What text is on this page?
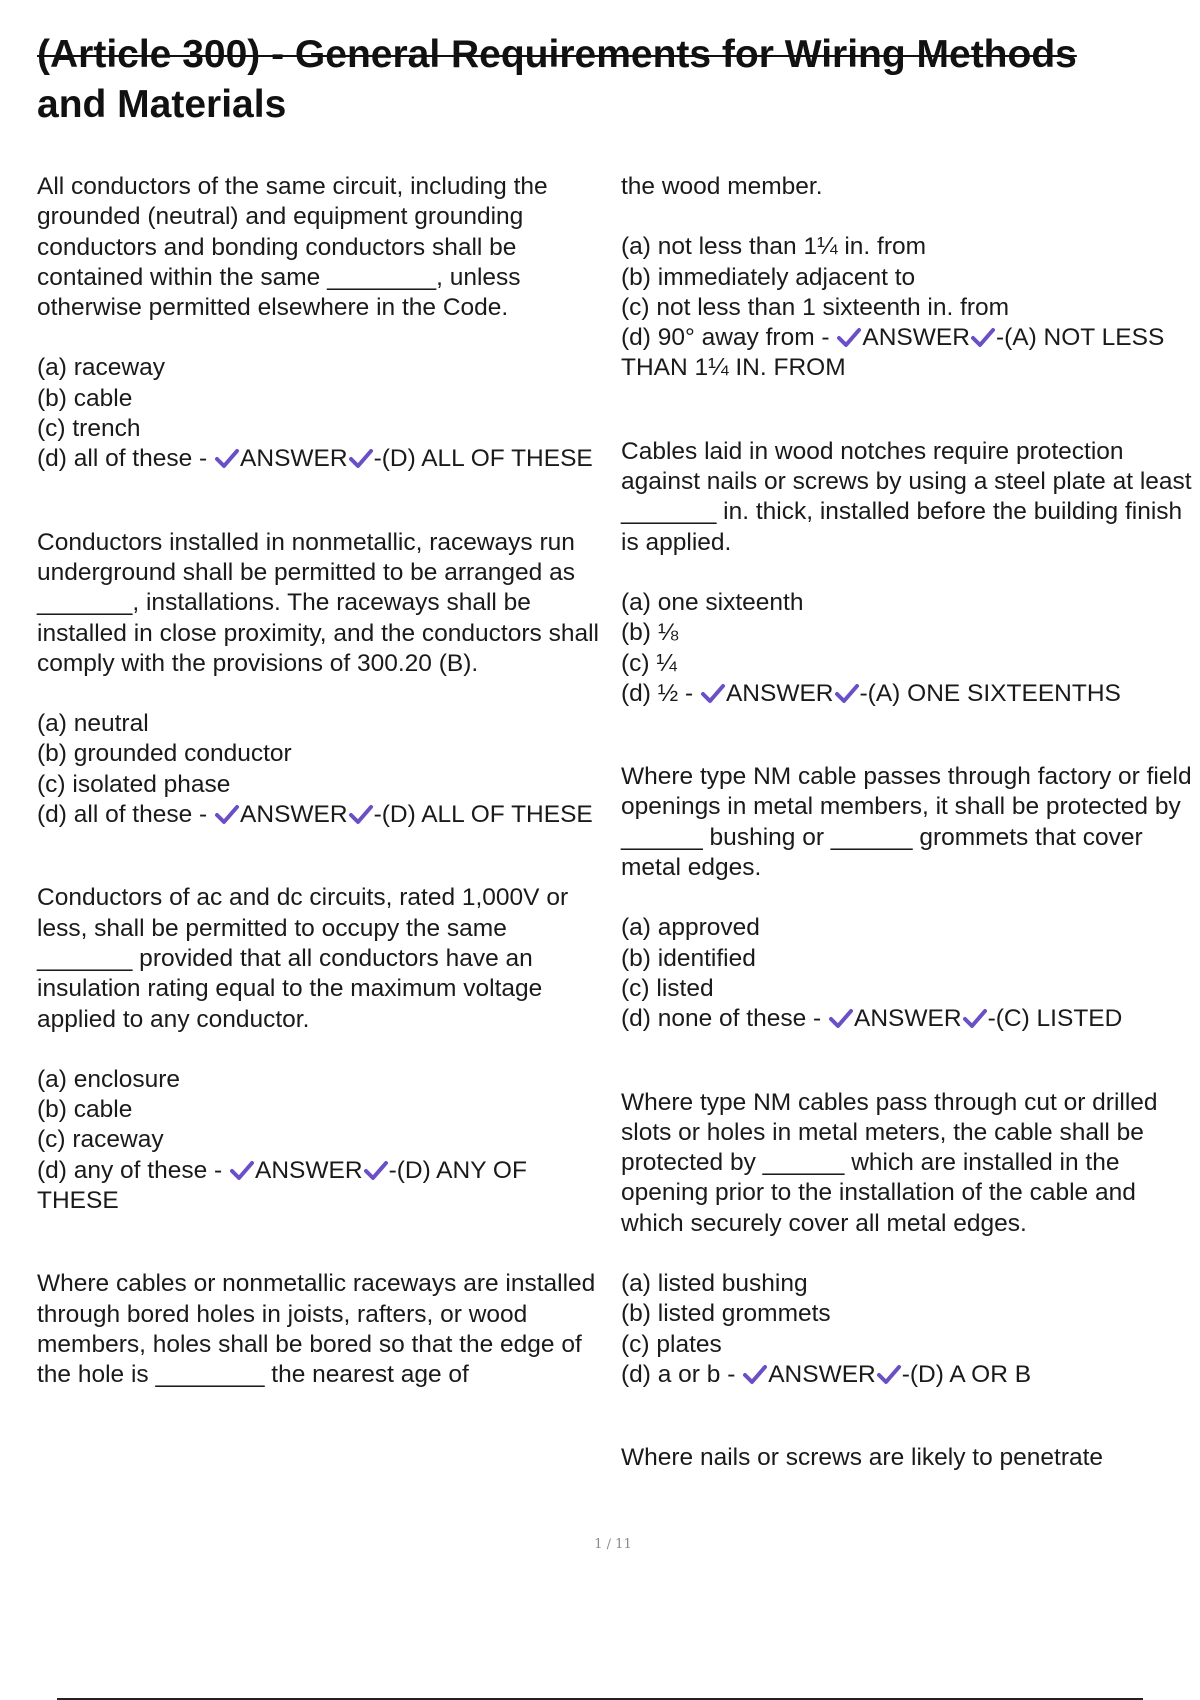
(Article 300) - General Requirements for Wiring Methods
and Materials

All conductors of the same circuit, including the grounded (neutral) and equipment grounding conductors and bonding conductors shall be contained within the same ________, unless otherwise permitted elsewhere in the Code.

(a) raceway

(b) cable

(c) trench

(d) all of these - ANSWER -(D) ALL OF THESE

Conductors installed in nonmetallic, raceways run underground shall be permitted to be arranged as _______, installations. The raceways shall be installed in close proximity, and the conductors shall comply with the provisions of 300.20 (B).

(a) neutral

(b) grounded conductor

(c) isolated phase

(d) all of these - ANSWER -(D) ALL OF THESE

Conductors of ac and dc circuits, rated 1,000V or less, shall be permitted to occupy the same _______ provided that all conductors have an insulation rating equal to the maximum voltage applied to any conductor.

(a) enclosure

(b) cable

(c) raceway

(d) any of these - ANSWER -(D) ANY OF THESE

Where cables or nonmetallic raceways are installed through bored holes in joists, rafters, or wood members, holes shall be bored so that the edge of the hole is ________ the nearest age of

the wood member.

(a) not less than 1¼ in. from

(b) immediately adjacent to

(c) not less than 1 sixteenth in. from

(d) 90° away from - ANSWER -(A) NOT LESS THAN 1¼ IN. FROM

Cables laid in wood notches require protection against nails or screws by using a steel plate at least _______ in. thick, installed before the building finish is applied.

(a) one sixteenth

(b) ⅛

(c) ¼

(d) ½ - ANSWER -(A) ONE SIXTEENTHS

Where type NM cable passes through factory or field openings in metal members, it shall be protected by ______ bushing or ______ grommets that cover metal edges.

(a) approved

(b) identified

(c) listed

(d) none of these - ANSWER -(C) LISTED

Where type NM cables pass through cut or drilled slots or holes in metal meters, the cable shall be protected by ______ which are installed in the opening prior to the installation of the cable and which securely cover all metal edges.

(a) listed bushing

(b) listed grommets

(c) plates

(d) a or b - ANSWER -(D) A OR B

Where nails or screws are likely to penetrate

1 / 11
